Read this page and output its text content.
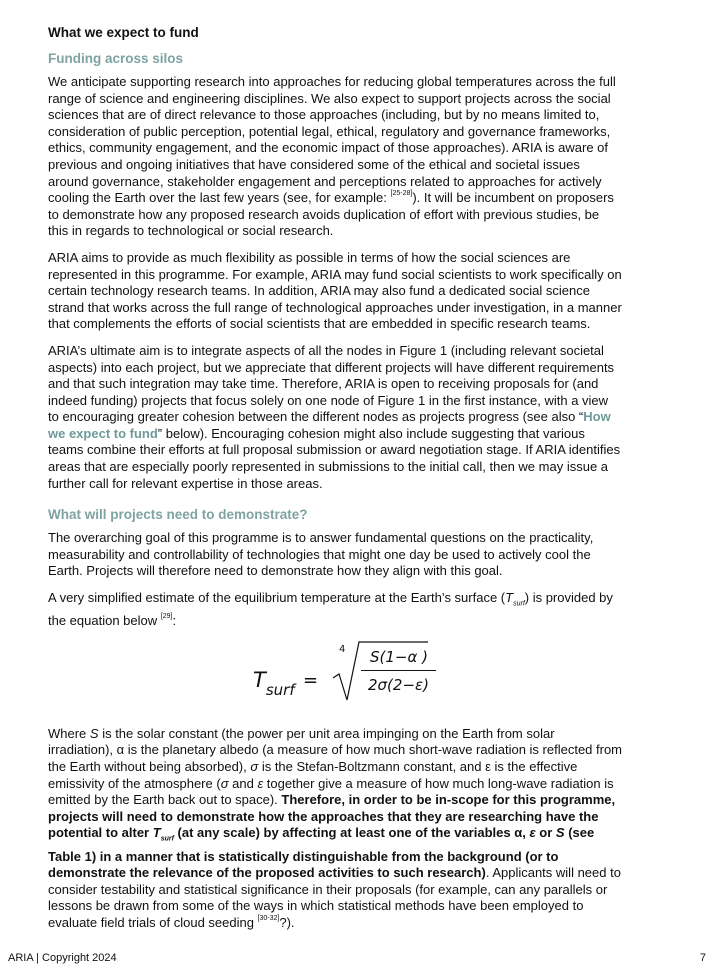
What we expect to fund
Funding across silos

We anticipate supporting research into approaches for reducing global temperatures across the full range of science and engineering disciplines. We also expect to support projects across the social sciences that are of direct relevance to those approaches (including, but by no means limited to, consideration of public perception, potential legal, ethical, regulatory and governance frameworks, ethics, community engagement, and the economic impact of those approaches). ARIA is aware of previous and ongoing initiatives that have considered some of the ethical and societal issues around governance, stakeholder engagement and perceptions related to approaches for actively cooling the Earth over the last few years (see, for example: [25-28]). It will be incumbent on proposers to demonstrate how any proposed research avoids duplication of effort with previous studies, be this in regards to technological or social research.

ARIA aims to provide as much flexibility as possible in terms of how the social sciences are represented in this programme. For example, ARIA may fund social scientists to work specifically on certain technology research teams. In addition, ARIA may also fund a dedicated social science strand that works across the full range of technological approaches under investigation, in a manner that complements the efforts of social scientists that are embedded in specific research teams.

ARIA’s ultimate aim is to integrate aspects of all the nodes in Figure 1 (including relevant societal aspects) into each project, but we appreciate that different projects will have different requirements and that such integration may take time. Therefore, ARIA is open to receiving proposals for (and indeed funding) projects that focus solely on one node of Figure 1 in the first instance, with a view to encouraging greater cohesion between the different nodes as projects progress (see also “How we expect to fund” below). Encouraging cohesion might also include suggesting that various teams combine their efforts at full proposal submission or award negotiation stage. If ARIA identifies areas that are especially poorly represented in submissions to the initial call, then we may issue a further call for relevant expertise in those areas.

What will projects need to demonstrate?

The overarching goal of this programme is to answer fundamental questions on the practicality, measurability and controllability of technologies that might one day be used to actively cool the Earth. Projects will therefore need to demonstrate how they align with this goal.

A very simplified estimate of the equilibrium temperature at the Earth’s surface $(T_{surf})$ is provided by the equation below [29]:

$T_{surf}$ =
4	S(1−α )
2σ(2−ε)

Where S is the solar constant (the power per unit area impinging on the Earth from solar irradiation), α is the planetary albedo (a measure of how much short-wave radiation is reflected from the Earth without being absorbed), σ is the Stefan-Boltzmann constant, and ε is the effective emissivity of the atmosphere (σ and ε together give a measure of how much long-wave radiation is emitted by the Earth back out to space). Therefore, in order to be in-scope for this programme, projects will need to demonstrate how the approaches that they are researching have the potential to alter $T_{surf}$ (at any scale) by affecting at least one of the variables α, ε or S (see Table 1) in a manner that is statistically distinguishable from the background (or to demonstrate the relevance of the proposed activities to such research). Applicants will need to consider testability and statistical significance in their proposals (for example, can any parallels or lessons be drawn from some of the ways in which statistical methods have been employed to evaluate field trials of cloud seeding [30-32]?).

ARIA | Copyright 2024	7
